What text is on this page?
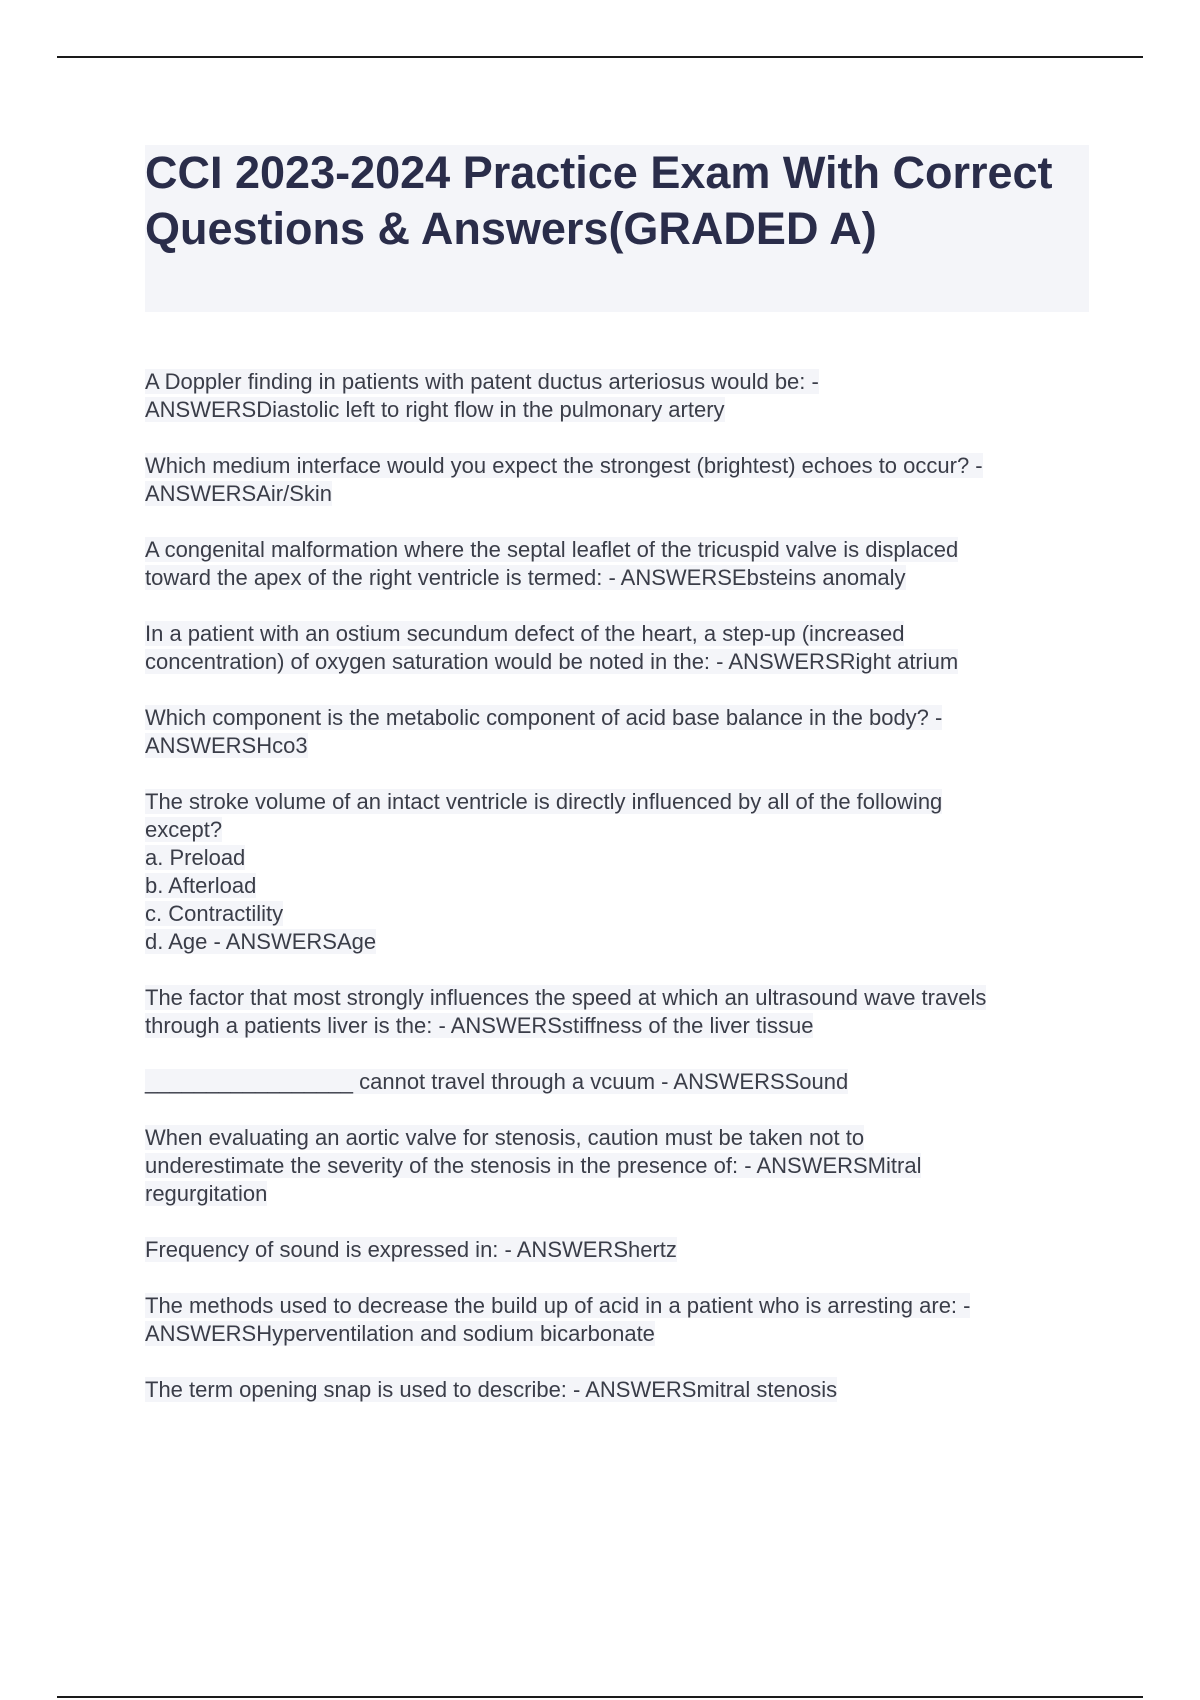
CCI 2023-2024 Practice Exam With Correct Questions & Answers(GRADED A)

A Doppler finding in patients with patent ductus arteriosus would be: -
ANSWERSDiastolic left to right flow in the pulmonary artery

Which medium interface would you expect the strongest (brightest) echoes to occur? -
ANSWERSAir/Skin

A congenital malformation where the septal leaflet of the tricuspid valve is displaced
toward the apex of the right ventricle is termed: - ANSWERSEbsteins anomaly

In a patient with an ostium secundum defect of the heart, a step-up (increased
concentration) of oxygen saturation would be noted in the: - ANSWERSRight atrium

Which component is the metabolic component of acid base balance in the body? -
ANSWERSHco3

The stroke volume of an intact ventricle is directly influenced by all of the following
except?
a. Preload
b. Afterload
c. Contractility
d. Age - ANSWERSAge

The factor that most strongly influences the speed at which an ultrasound wave travels
through a patients liver is the: - ANSWERSstiffness of the liver tissue

_________________ cannot travel through a vcuum - ANSWERSSound

When evaluating an aortic valve for stenosis, caution must be taken not to
underestimate the severity of the stenosis in the presence of: - ANSWERSMitral
regurgitation

Frequency of sound is expressed in: - ANSWERShertz

The methods used to decrease the build up of acid in a patient who is arresting are: -
ANSWERSHyperventilation and sodium bicarbonate

The term opening snap is used to describe: - ANSWERSmitral stenosis
